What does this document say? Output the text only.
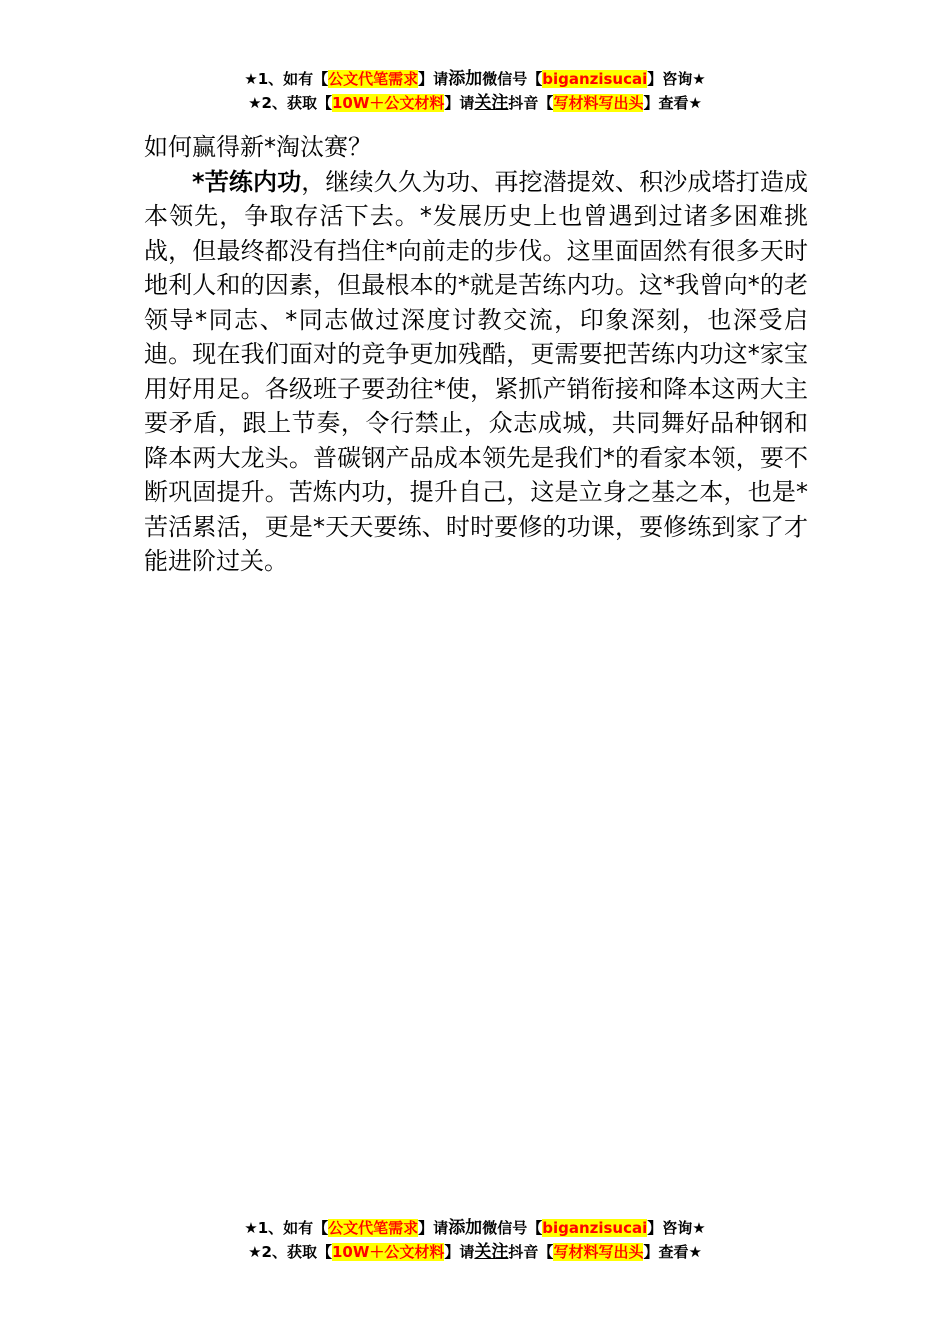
★1、如有【公文代笔需求】请添加微信号【biganzisucai】咨询★
★2、获取【10W＋公文材料】请关注抖音【写材料写出头】查看★

如何赢得新*淘汰赛？

*苦练内功，继续久久为功、再挖潜提效、积沙成塔打造成本领先，争取存活下去。*发展历史上也曾遇到过诸多困难挑战，但最终都没有挡住*向前走的步伐。这里面固然有很多天时地利人和的因素，但最根本的*就是苦练内功。这*我曾向*的老领导*同志、*同志做过深度讨教交流，印象深刻，也深受启迪。现在我们面对的竞争更加残酷，更需要把苦练内功这*家宝用好用足。各级班子要劲往*使，紧抓产销衔接和降本这两大主要矛盾，跟上节奏，令行禁止，众志成城，共同舞好品种钢和降本两大龙头。普碳钢产品成本领先是我们*的看家本领，要不断巩固提升。苦炼内功，提升自己，这是立身之基之本，也是*苦活累活，更是*天天要练、时时要修的功课，要修练到家了才能进阶过关。

★1、如有【公文代笔需求】请添加微信号【biganzisucai】咨询★
★2、获取【10W＋公文材料】请关注抖音【写材料写出头】查看★
